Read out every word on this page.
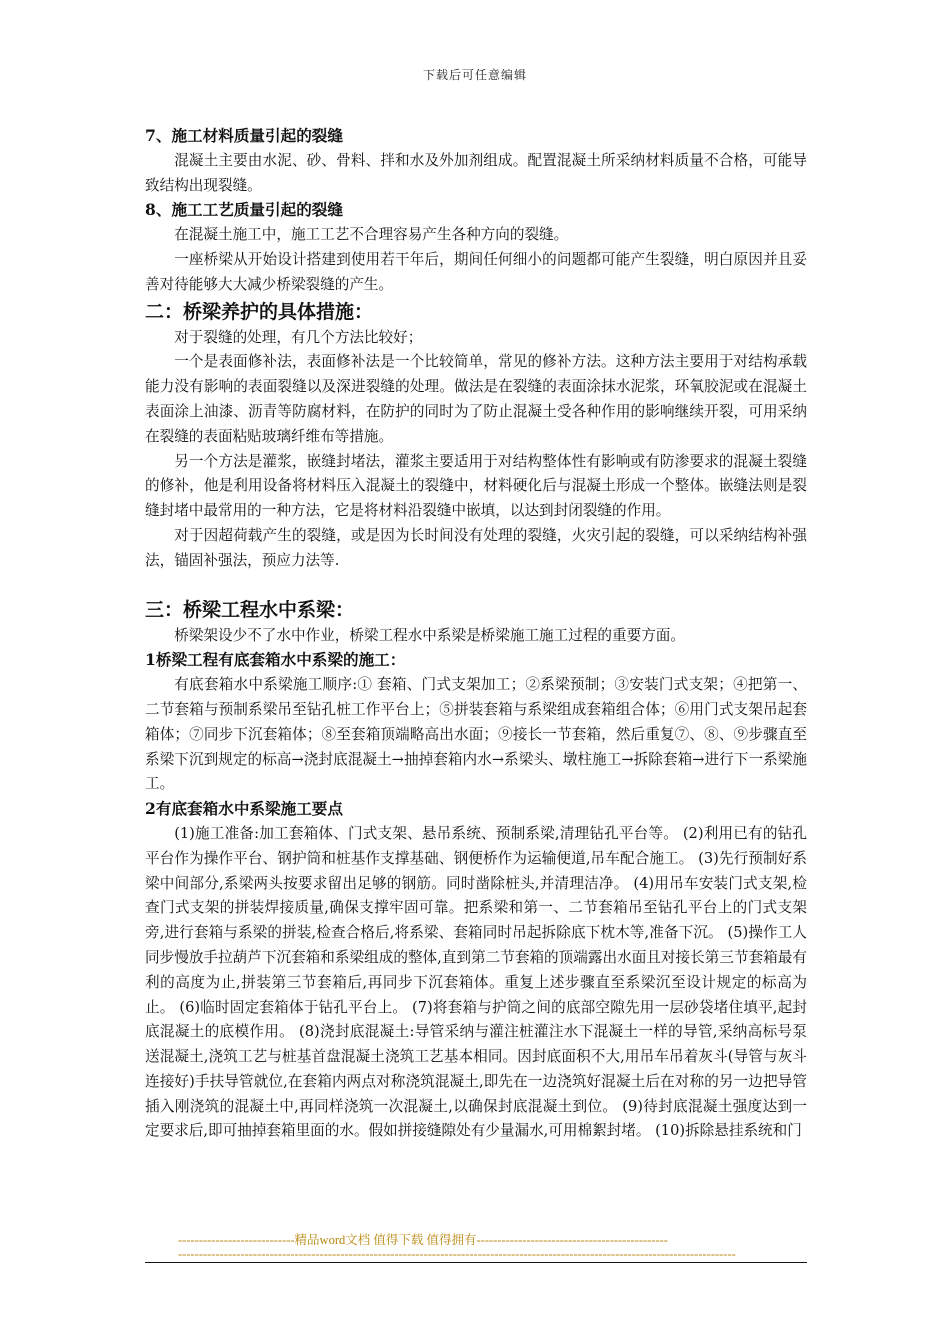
下载后可任意编辑

7、施工材料质量引起的裂缝

混凝土主要由水泥、砂、骨料、拌和水及外加剂组成。配置混凝土所采纳材料质量不合格，可能导致结构出现裂缝。

8、施工工艺质量引起的裂缝

在混凝土施工中，施工工艺不合理容易产生各种方向的裂缝。

一座桥梁从开始设计搭建到使用若干年后，期间任何细小的问题都可能产生裂缝，明白原因并且妥善对待能够大大减少桥梁裂缝的产生。

二：桥梁养护的具体措施：

对于裂缝的处理，有几个方法比较好；

一个是表面修补法，表面修补法是一个比较简单，常见的修补方法。这种方法主要用于对结构承载能力没有影响的表面裂缝以及深进裂缝的处理。做法是在裂缝的表面涂抹水泥浆，环氧胶泥或在混凝土表面涂上油漆、沥青等防腐材料，在防护的同时为了防止混凝土受各种作用的影响继续开裂，可用采纳在裂缝的表面粘贴玻璃纤维布等措施。

另一个方法是灌浆，嵌缝封堵法，灌浆主要适用于对结构整体性有影响或有防渗要求的混凝土裂缝的修补，他是利用设备将材料压入混凝土的裂缝中，材料硬化后与混凝土形成一个整体。嵌缝法则是裂缝封堵中最常用的一种方法，它是将材料沿裂缝中嵌填，以达到封闭裂缝的作用。

对于因超荷载产生的裂缝，或是因为长时间没有处理的裂缝，火灾引起的裂缝，可以采纳结构补强法，锚固补强法，预应力法等.

三：桥梁工程水中系梁：

桥梁架设少不了水中作业，桥梁工程水中系梁是桥梁施工施工过程的重要方面。

1桥梁工程有底套箱水中系梁的施工：

有底套箱水中系梁施工顺序:① 套箱、门式支架加工；②系梁预制；③安装门式支架；④把第一、二节套箱与预制系梁吊至钻孔桩工作平台上；⑤拼装套箱与系梁组成套箱组合体；⑥用门式支架吊起套箱体；⑦同步下沉套箱体；⑧至套箱顶端略高出水面；⑨接长一节套箱，然后重复⑦、⑧、⑨步骤直至系梁下沉到规定的标高→浇封底混凝土→抽掉套箱内水→系梁头、墩柱施工→拆除套箱→进行下一系梁施工。

2有底套箱水中系梁施工要点

(1)施工准备:加工套箱体、门式支架、悬吊系统、预制系梁,清理钻孔平台等。 (2)利用已有的钻孔平台作为操作平台、钢护筒和桩基作支撑基础、钢便桥作为运输便道,吊车配合施工。 (3)先行预制好系梁中间部分,系梁两头按要求留出足够的钢筋。同时凿除桩头,并清理洁净。 (4)用吊车安装门式支架,检查门式支架的拼装焊接质量,确保支撑牢固可靠。把系梁和第一、二节套箱吊至钻孔平台上的门式支架旁,进行套箱与系梁的拼装,检查合格后,将系梁、套箱同时吊起拆除底下枕木等,准备下沉。 (5)操作工人同步慢放手拉葫芦下沉套箱和系梁组成的整体,直到第二节套箱的顶端露出水面且对接长第三节套箱最有利的高度为止,拼装第三节套箱后,再同步下沉套箱体。重复上述步骤直至系梁沉至设计规定的标高为止。 (6)临时固定套箱体于钻孔平台上。 (7)将套箱与护筒之间的底部空隙先用一层砂袋堵住填平,起封底混凝土的底模作用。 (8)浇封底混凝土:导管采纳与灌注桩灌注水下混凝土一样的导管,采纳高标号泵送混凝土,浇筑工艺与桩基首盘混凝土浇筑工艺基本相同。因封底面积不大,用吊车吊着灰斗(导管与灰斗连接好)手扶导管就位,在套箱内两点对称浇筑混凝土,即先在一边浇筑好混凝土后在对称的另一边把导管插入刚浇筑的混凝土中,再同样浇筑一次混凝土,以确保封底混凝土到位。 (9)待封底混凝土强度达到一定要求后,即可抽掉套箱里面的水。假如拼接缝隙处有少量漏水,可用棉絮封堵。 (10)拆除悬挂系统和门

----------------------------精品word文档 值得下载 值得拥有----------------------------------------------
--------------------------------------------------------------------------------------------------------------------------------------
